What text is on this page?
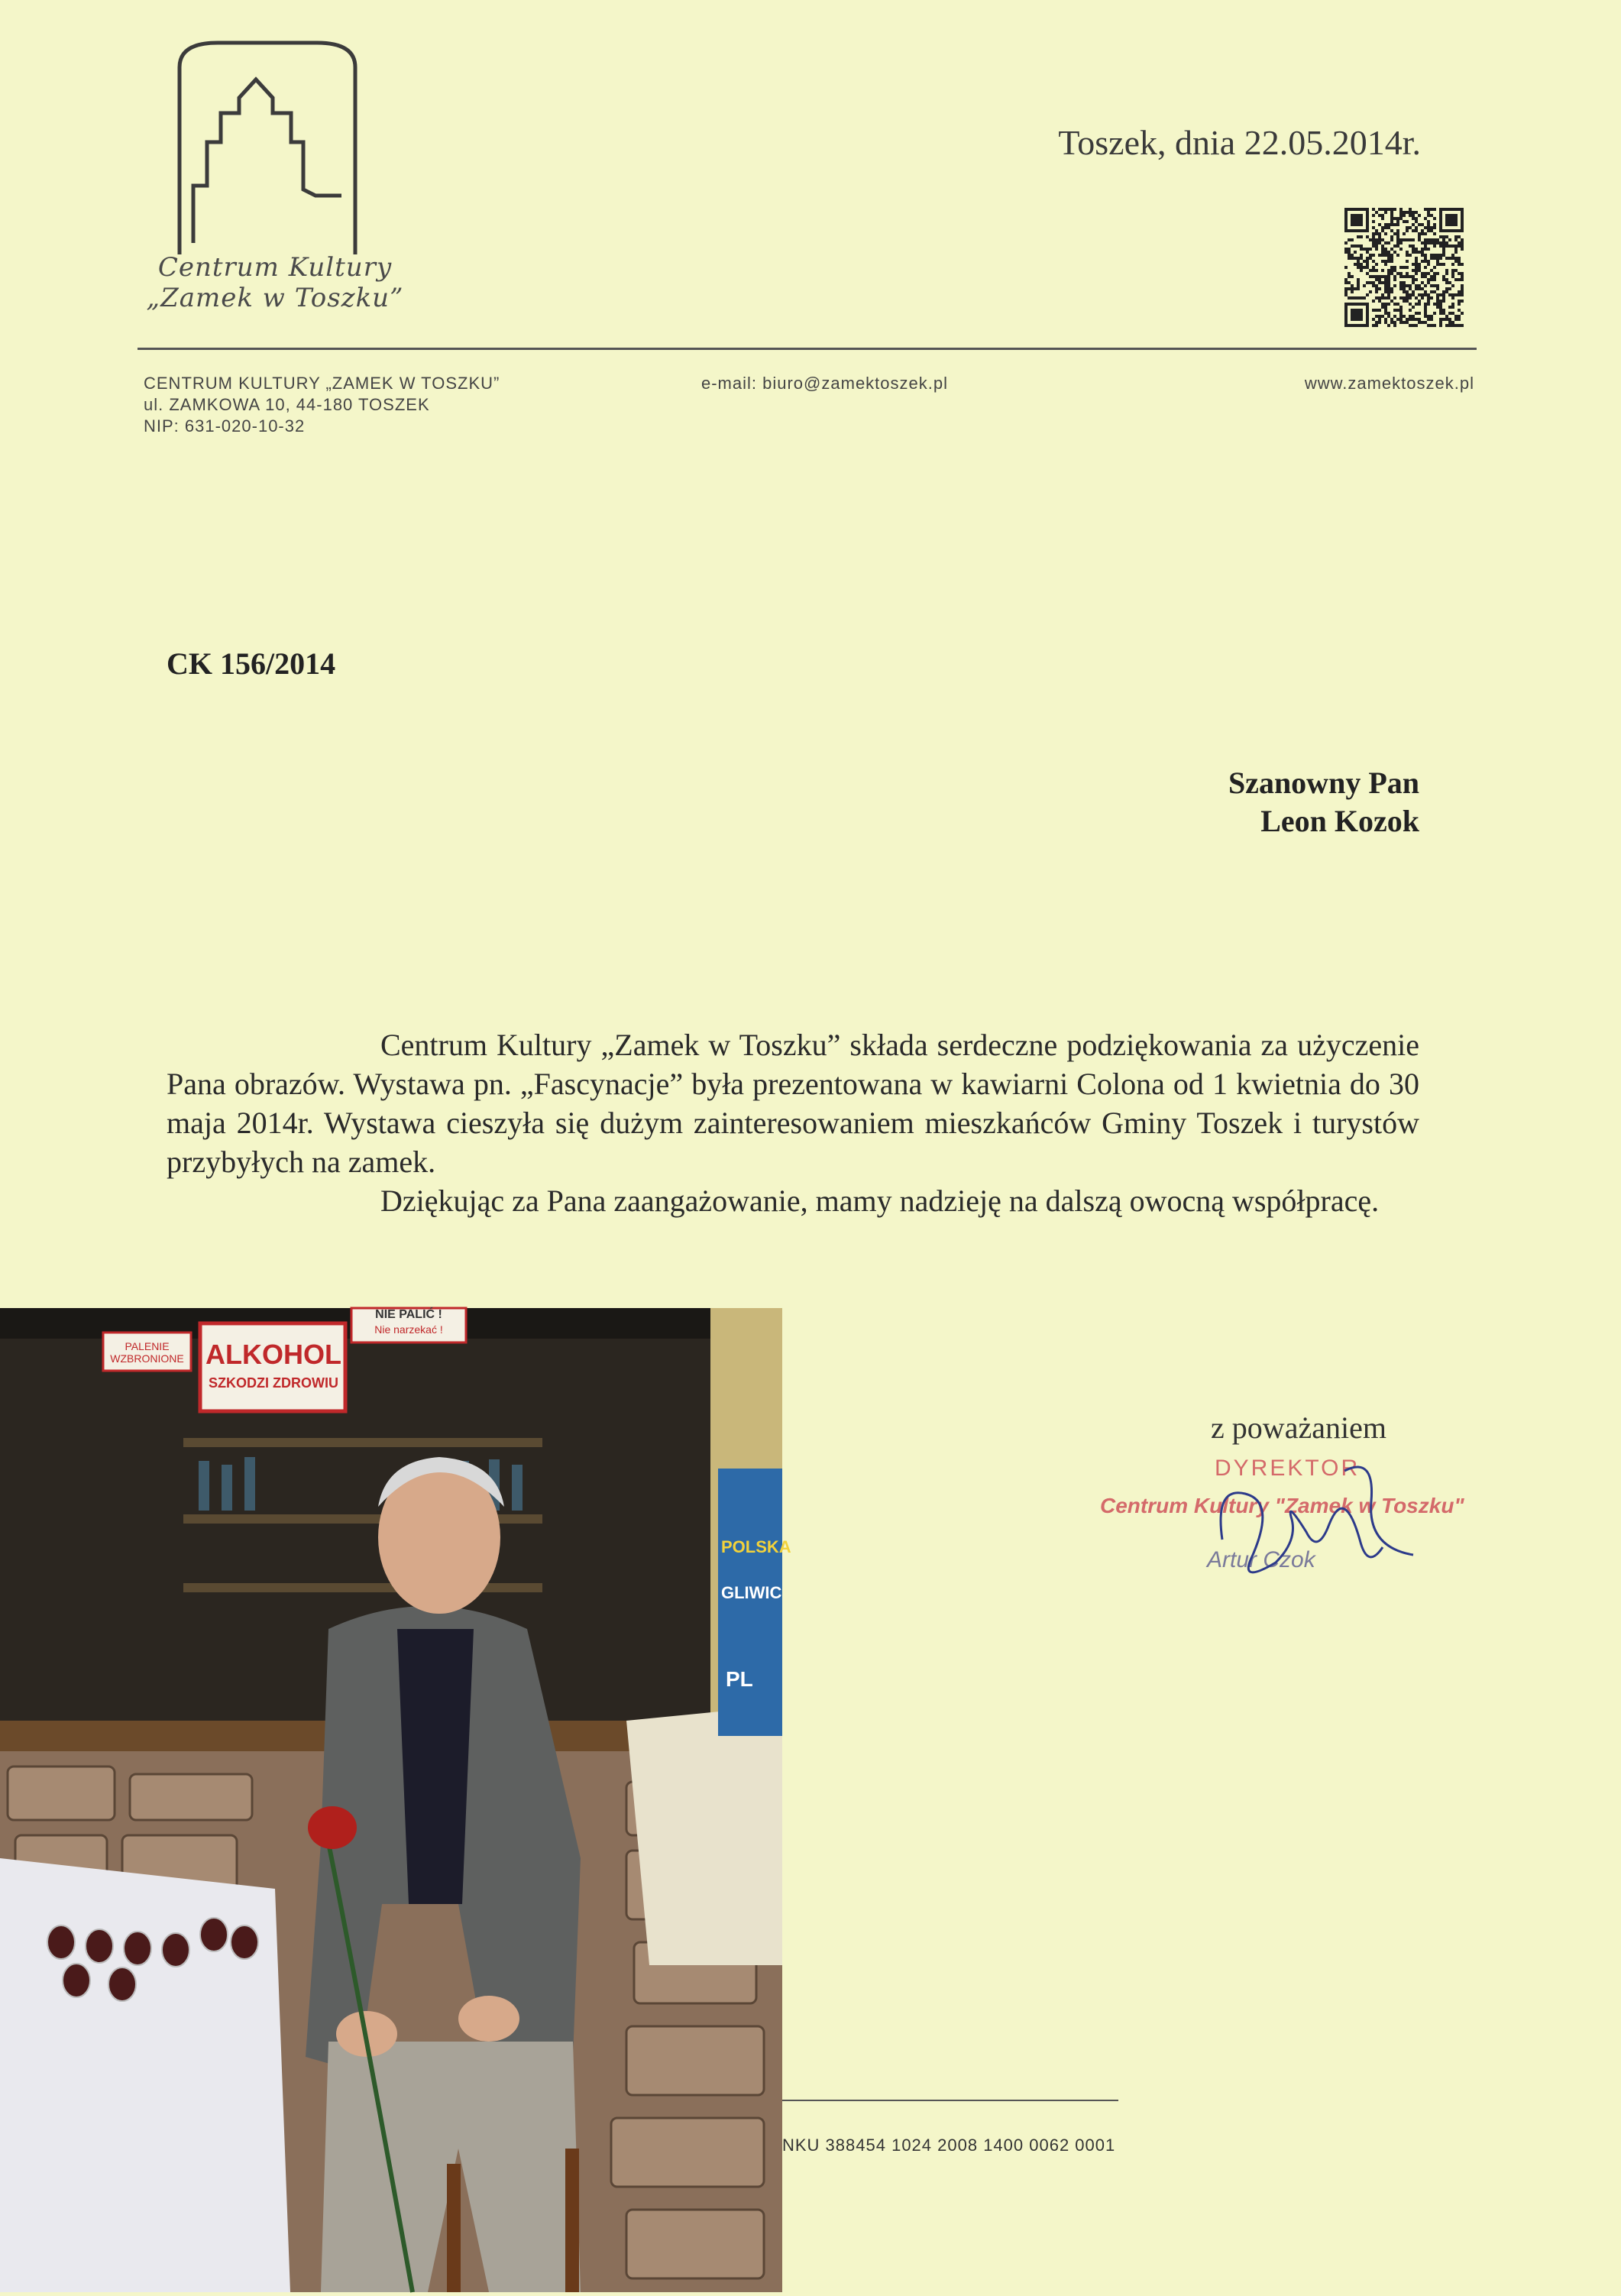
Centrum Kultury
„Zamek w Toszku”
Toszek, dnia 22.05.2014r.
CENTRUM KULTURY „ZAMEK W TOSZKU”
ul. ZAMKOWA 10, 44-180 TOSZEK
NIP: 631-020-10-32
e-mail: biuro@zamektoszek.pl	www.zamektoszek.pl
CK 156/2014
Szanowny Pan
Leon Kozok

Centrum Kultury „Zamek w Toszku” składa serdeczne podziękowania za użyczenie Pana obrazów. Wystawa pn. „Fascynacje” była prezentowana w kawiarni Colona od 1 kwietnia do 30 maja 2014r. Wystawa cieszyła się dużym zainteresowaniem mieszkańców Gminy Toszek i turystów przybyłych na zamek.

Dziękując za Pana zaangażowanie, mamy nadzieję na dalszą owocną współpracę.

z poważaniem
DYREKTOR
Centrum Kultury "Zamek w Toszku"
Artur Czok
ALKOHOL
SZKODZI ZDROWIU
PALENIE WZBRONIONE
NIE PALIĆ !
Nie narzekać !
POLSKA
GLIWIC
PL
NKU 388454 1024 2008 1400 0062 0001
